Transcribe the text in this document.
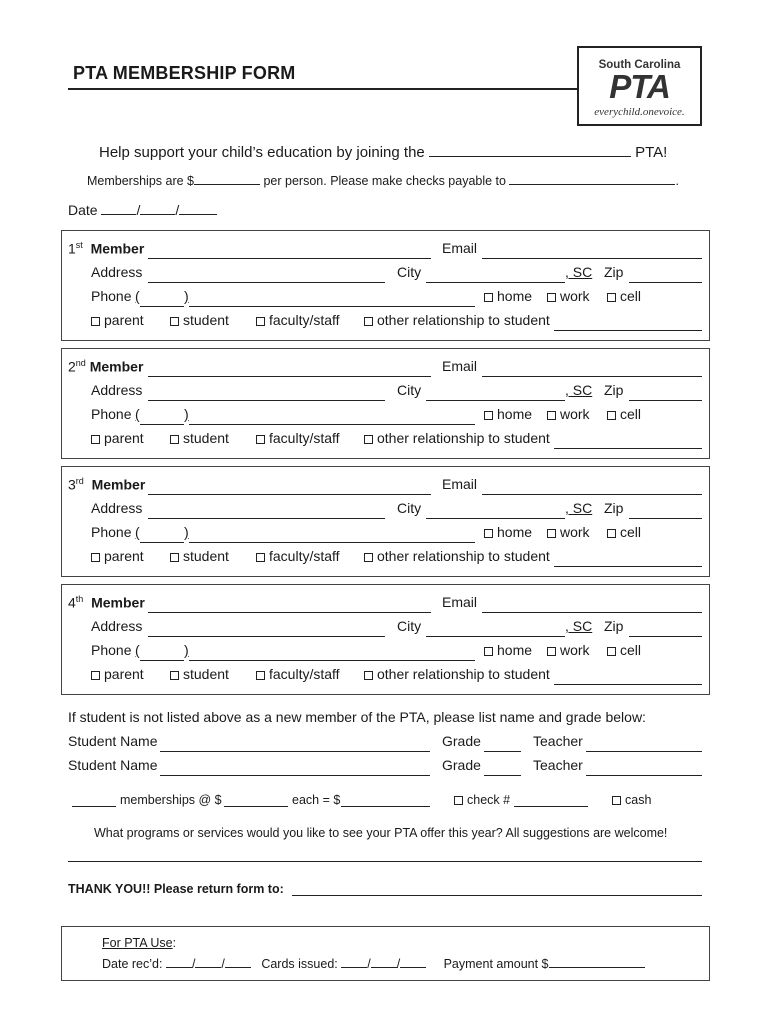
PTA MEMBERSHIP FORM	South Carolina
PTA
everychild.onevoice.
Help support your child’s education by joining the	PTA!
Memberships are $	per person. Please make checks payable to	.
Date	/	/
1st Member	Email
Address	City	, SC Zip
Phone (	)	home	work	cell
parent	student	faculty/staff	other relationship to student
2nd Member	Email
Address	City	, SC Zip
Phone (	)	home	work	cell
parent	student	faculty/staff	other relationship to student
3rd Member	Email
Address	City	, SC Zip
Phone (	)	home	work	cell
parent	student	faculty/staff	other relationship to student
4th Member	Email
Address	City	, SC Zip
Phone (	)	home	work	cell
parent	student	faculty/staff	other relationship to student
If student is not listed above as a new member of the PTA, please list name and grade below:
Student Name	Grade	Teacher
Student Name	Grade	Teacher
memberships @ $	each = $	check #	cash
What programs or services would you like to see your PTA offer this year? All suggestions are welcome!
THANK YOU!! Please return form to:
For PTA Use:
Date rec’d: / /	Cards issued: / /	Payment amount $
